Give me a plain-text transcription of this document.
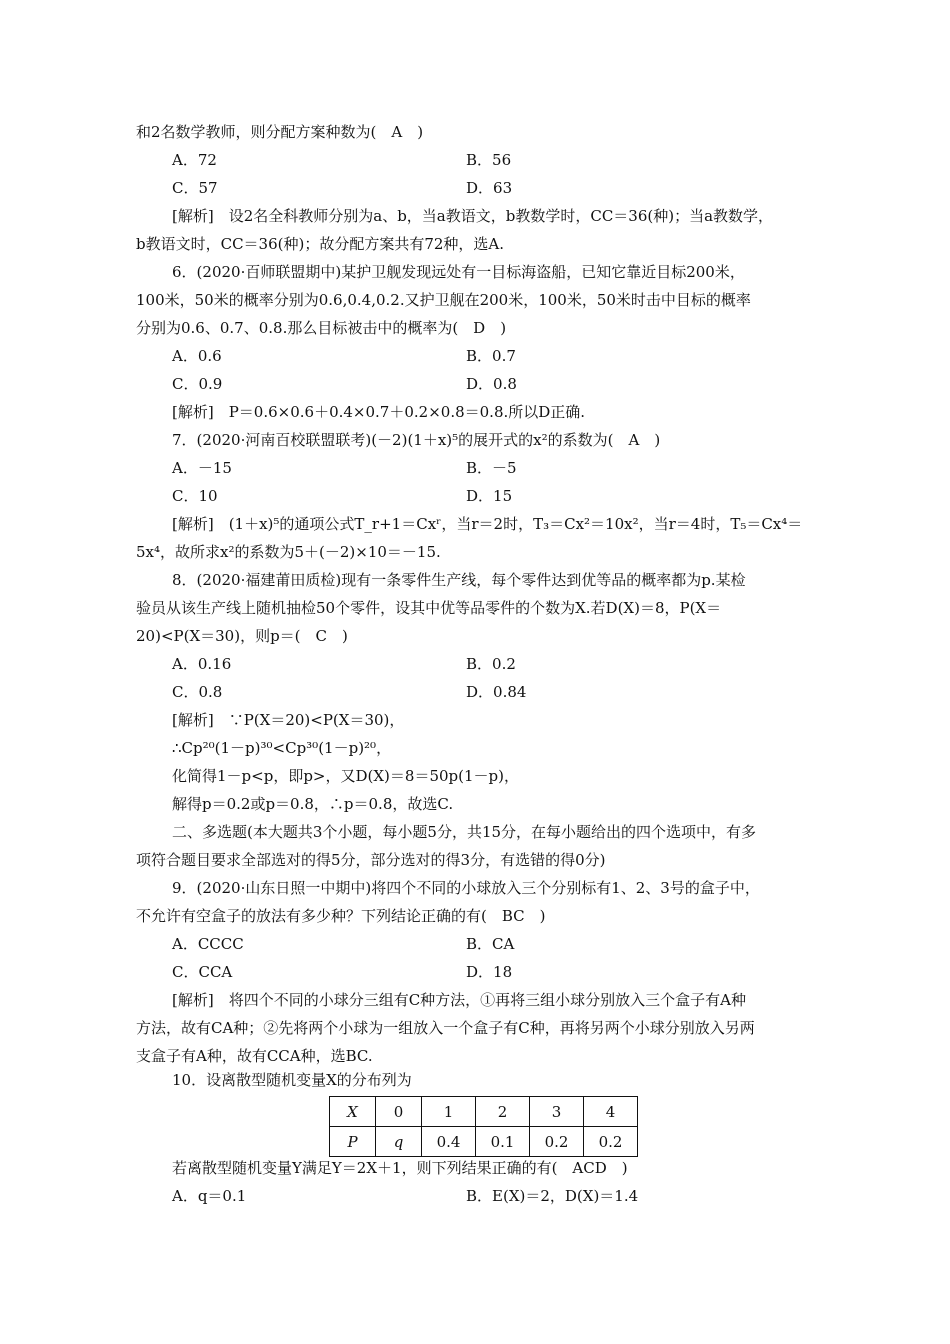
X	0	1	2	3	4
P	q	0.4	0.1	0.2	0.2
和2名数学教师，则分配方案种数为(　A　)
A．72	B．56
C．57	D．63
[解析]　设2名全科教师分别为a、b，当a教语文，b教数学时，CC＝36(种)；当a教数学，
b教语文时，CC＝36(种)；故分配方案共有72种，选A.
6．(2020·百师联盟期中)某护卫舰发现远处有一目标海盗船，已知它靠近目标200米，
100米，50米的概率分别为0.6,0.4,0.2.又护卫舰在200米，100米，50米时击中目标的概率
分别为0.6、0.7、0.8.那么目标被击中的概率为(　D　)
A．0.6	B．0.7
C．0.9	D．0.8
[解析]　P＝0.6×0.6＋0.4×0.7＋0.2×0.8＝0.8.所以D正确.
7．(2020·河南百校联盟联考)(－2)(1＋x)⁵的展开式的x²的系数为(　A　)
A．－15	B．－5
C．10	D．15
[解析]　(1＋x)⁵的通项公式T_r+1＝Cxʳ，当r＝2时，T₃＝Cx²＝10x²，当r＝4时，T₅＝Cx⁴＝
5x⁴，故所求x²的系数为5＋(－2)×10＝－15.
8．(2020·福建莆田质检)现有一条零件生产线，每个零件达到优等品的概率都为p.某检
验员从该生产线上随机抽检50个零件，设其中优等品零件的个数为X.若D(X)＝8，P(X＝
20)<P(X＝30)，则p＝(　C　)
A．0.16	B．0.2
C．0.8	D．0.84
[解析]　∵P(X＝20)<P(X＝30)，
∴Cp²⁰(1－p)³⁰<Cp³⁰(1－p)²⁰，
化简得1－p<p，即p>，又D(X)＝8＝50p(1－p)，
解得p＝0.2或p＝0.8，∴p＝0.8，故选C.
二、多选题(本大题共3个小题，每小题5分，共15分，在每小题给出的四个选项中，有多
项符合题目要求全部选对的得5分，部分选对的得3分，有选错的得0分)
9．(2020·山东日照一中期中)将四个不同的小球放入三个分别标有1、2、3号的盒子中，
不允许有空盒子的放法有多少种？下列结论正确的有(　BC　)
A．CCCC	B．CA
C．CCA	D．18
[解析]　将四个不同的小球分三组有C种方法，①再将三组小球分别放入三个盒子有A种
方法，故有CA种；②先将两个小球为一组放入一个盒子有C种，再将另两个小球分别放入另两
支盒子有A种，故有CCA种，选BC.
10．设离散型随机变量X的分布列为
若离散型随机变量Y满足Y＝2X＋1，则下列结果正确的有(　ACD　)
A．q＝0.1	B．E(X)＝2，D(X)＝1.4
